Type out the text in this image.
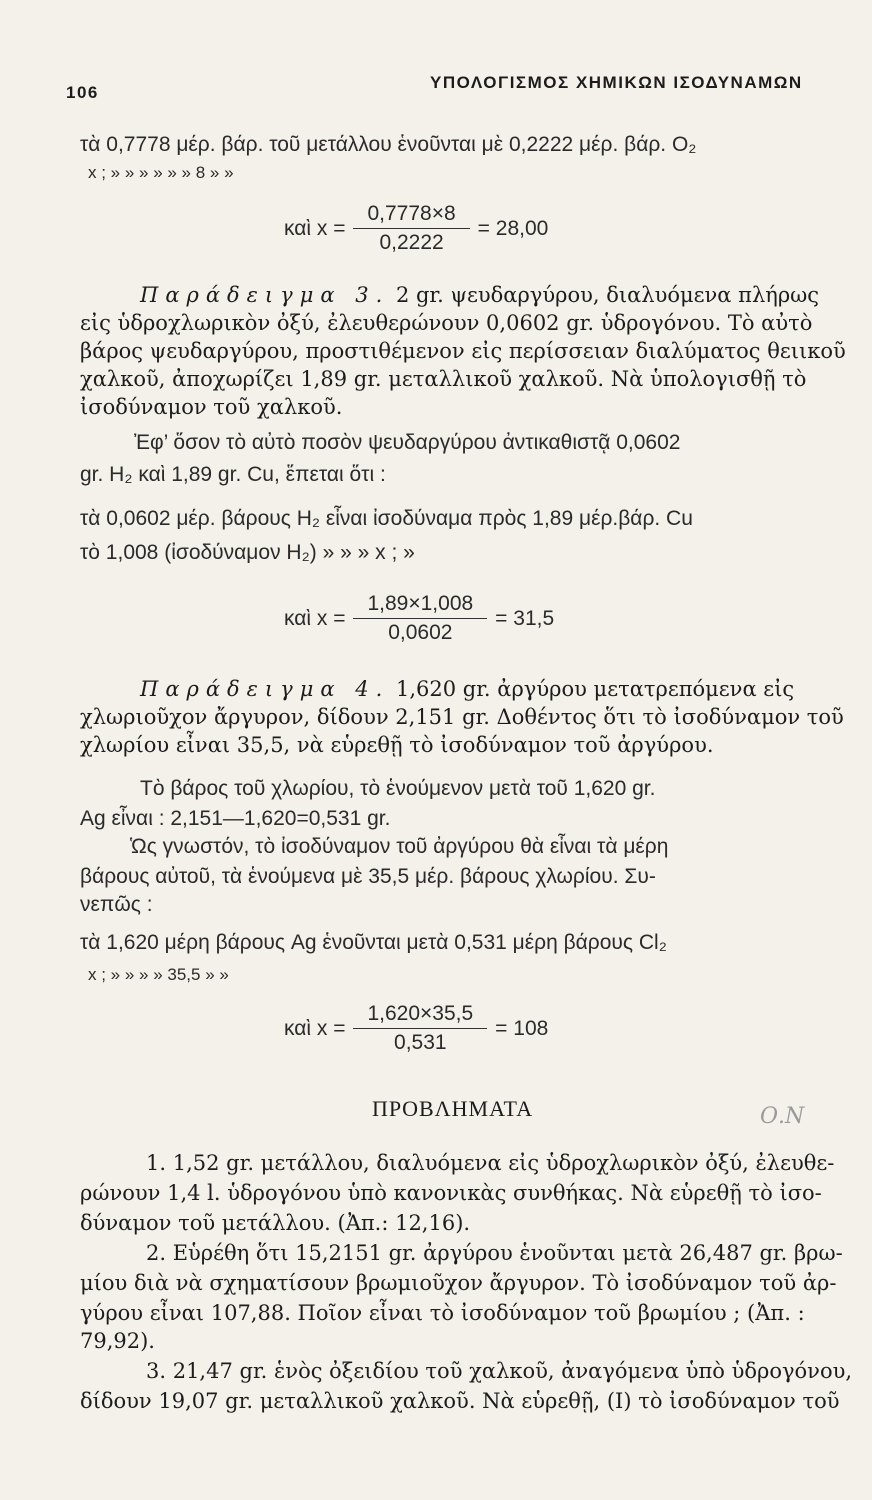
106
ΥΠΟΛΟΓΙΣΜΟΣ ΧΗΜΙΚΩΝ ΙΣΟΔΥΝΑΜΩΝ
τὰ 0,7778 μέρ. βάρ. τοῦ μετάλλου ἑνοῦνται μὲ 0,2222 μέρ. βάρ. O₂
x ; » » » » » » 8 » »
καὶ $x = \frac{0,7778\times 8}{0,2222} = 28,00$
Παράδειγμα 3. 2 gr. ψευδαργύρου, διαλυόμενα πλήρως
εἰς ὑδροχλωρικὸν ὀξύ, ἐλευθερώνουν 0,0602 gr. ὑδρογόνου. Τὸ αὐτὸ
βάρος ψευδαργύρου, προστιθέμενον εἰς περίσσειαν διαλύματος θειικοῦ
χαλκοῦ, ἀποχωρίζει 1,89 gr. μεταλλικοῦ χαλκοῦ. Νὰ ὑπολογισθῇ τὸ
ἰσοδύναμον τοῦ χαλκοῦ.
Ἐφ’ ὅσον τὸ αὐτὸ ποσὸν ψευδαργύρου ἀντικαθιστᾷ 0,0602
gr. H₂ καὶ 1,89 gr. Cu, ἕπεται ὅτι :
τὰ 0,0602 μέρ. βάρους H₂ εἶναι ἰσοδύναμα πρὸς 1,89 μέρ.βάρ. Cu
τὸ 1,008 (ἰσοδύναμον H₂) » » » x ; »
καὶ $x = \frac{1,89\times 1,008}{0,0602} = 31,5$
Παράδειγμα 4. 1,620 gr. ἀργύρου μετατρεπόμενα εἰς
χλωριοῦχον ἄργυρον, δίδουν 2,151 gr. Δοθέντος ὅτι τὸ ἰσοδύναμον τοῦ
χλωρίου εἶναι 35,5, νὰ εὑρεθῇ τὸ ἰσοδύναμον τοῦ ἀργύρου.
Τὸ βάρος τοῦ χλωρίου, τὸ ἑνούμενον μετὰ τοῦ 1,620 gr.
Ag εἶναι : 2,151—1,620=0,531 gr.
Ὡς γνωστόν, τὸ ἰσοδύναμον τοῦ ἀργύρου θὰ εἶναι τὰ μέρη
βάρους αὐτοῦ, τὰ ἑνούμενα μὲ 35,5 μέρ. βάρους χλωρίου. Συ-
νεπῶς :
τὰ 1,620 μέρη βάρους Ag ἑνοῦνται μετὰ 0,531 μέρη βάρους Cl₂
x ; » » » » 35,5 » »
καὶ $x = \frac{1,620\times 35,5}{0,531} = 108$
ΠΡΟΒΛΗΜΑΤΑ	Ο.Ν
1. 1,52 gr. μετάλλου, διαλυόμενα εἰς ὑδροχλωρικὸν ὀξύ, ἐλευθε-
ρώνουν 1,4 l. ὑδρογόνου ὑπὸ κανονικὰς συνθήκας. Νὰ εὑρεθῇ τὸ ἰσο-
δύναμον τοῦ μετάλλου. (Ἀπ.: 12,16).
2. Εὑρέθη ὅτι 15,2151 gr. ἀργύρου ἑνοῦνται μετὰ 26,487 gr. βρω-
μίου διὰ νὰ σχηματίσουν βρωμιοῦχον ἄργυρον. Τὸ ἰσοδύναμον τοῦ ἀρ-
γύρου εἶναι 107,88. Ποῖον εἶναι τὸ ἰσοδύναμον τοῦ βρωμίου ; (Ἀπ. :
79,92).
3. 21,47 gr. ἑνὸς ὀξειδίου τοῦ χαλκοῦ, ἀναγόμενα ὑπὸ ὑδρογόνου,
δίδουν 19,07 gr. μεταλλικοῦ χαλκοῦ. Νὰ εὑρεθῇ, (I) τὸ ἰσοδύναμον τοῦ
